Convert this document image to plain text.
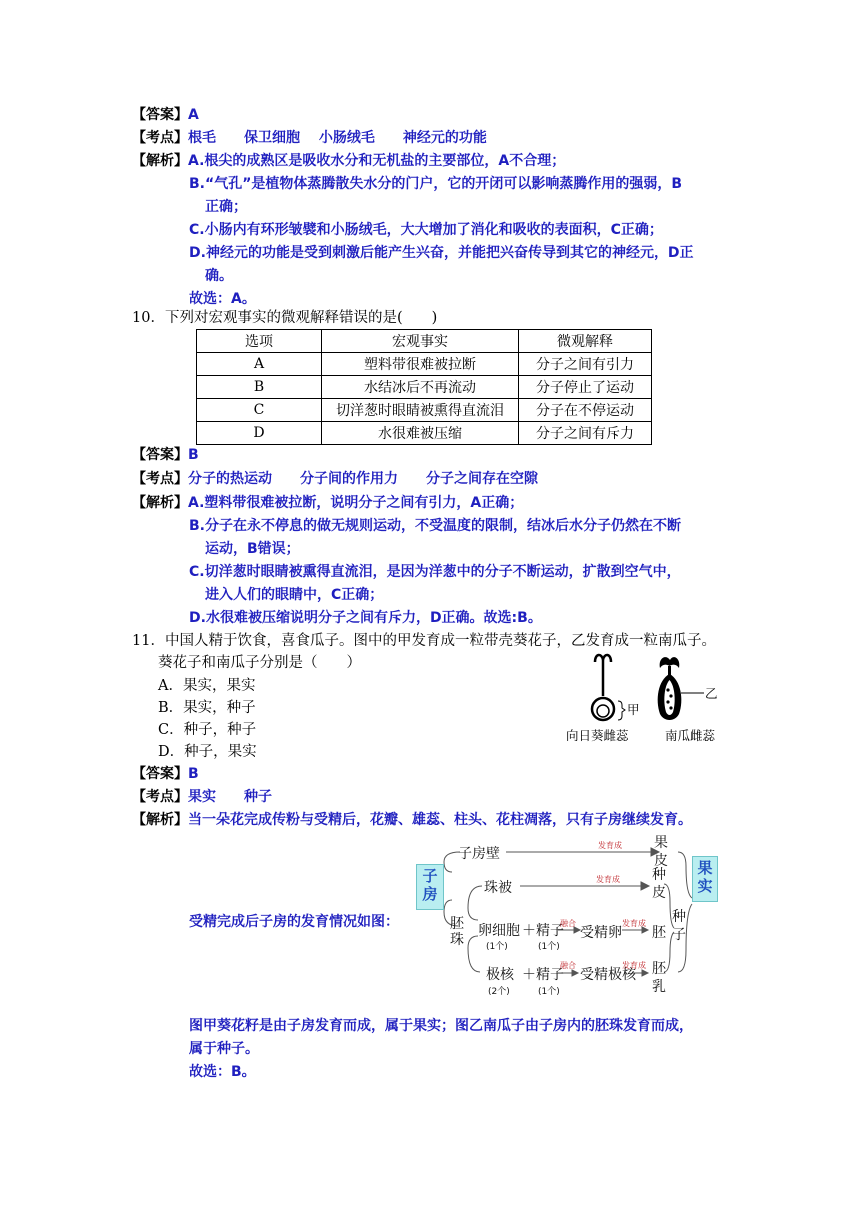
【答案】A
【考点】根毛　　保卫细胞　 小肠绒毛　　神经元的功能
【解析】A.根尖的成熟区是吸收水分和无机盐的主要部位，A不合理；
B.“气孔”是植物体蒸腾散失水分的门户，它的开闭可以影响蒸腾作用的强弱，B
正确；
C.小肠内有环形皱襞和小肠绒毛，大大增加了消化和吸收的表面积，C正确；
D.神经元的功能是受到刺激后能产生兴奋，并能把兴奋传导到其它的神经元，D正
确。
故选：A。
10．下列对宏观事实的微观解释错误的是(　　)
选项	宏观事实	微观解释
A	塑料带很难被拉断	分子之间有引力
B	水结冰后不再流动	分子停止了运动
C	切洋葱时眼睛被熏得直流泪	分子在不停运动
D	水很难被压缩	分子之间有斥力
【答案】B
【考点】分子的热运动　　分子间的作用力　　分子之间存在空隙
【解析】A.塑料带很难被拉断，说明分子之间有引力，A正确；
B.分子在永不停息的做无规则运动，不受温度的限制，结冰后水分子仍然在不断
运动，B错误；
C.切洋葱时眼睛被熏得直流泪，是因为洋葱中的分子不断运动，扩散到空气中，
进入人们的眼睛中，C正确；
D.水很难被压缩说明分子之间有斥力，D正确。故选:B。
11．中国人精于饮食，喜食瓜子。图中的甲发育成一粒带壳葵花子，乙发育成一粒南瓜子。
葵花子和南瓜子分别是（　　）
A．果实，果实
B．果实，种子
C．种子，种子
D．种子，果实
甲
乙
向日葵雌蕊	南瓜雌蕊
【答案】B
【考点】果实　　种子
【解析】当一朵花完成传粉与受精后，花瓣、雄蕊、柱头、花柱凋落，只有子房继续发育。
受精完成后子房的发育情况如图：
子房
子房壁
发育成
珠被
发育成
胚珠
卵细胞 ＋ 精子
(1个)	(1个)
融合
受精卵
发育成
极核 ＋ 精子
(2个)	(1个)
融合
受精极核
发育成
果皮
种皮
胚
胚乳
种子
果实
图甲葵花籽是由子房发育而成，属于果实；图乙南瓜子由子房内的胚珠发育而成，
属于种子。
故选：B。
